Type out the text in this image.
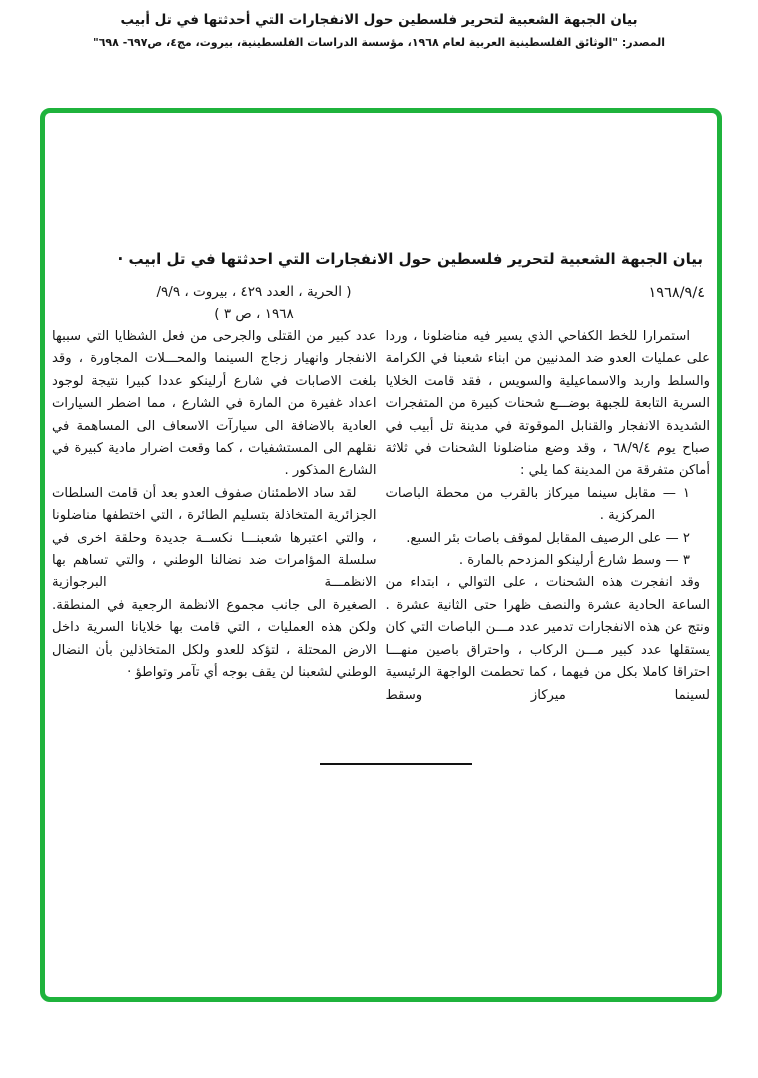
بيان الجبهة الشعبية لتحرير فلسطين حول الانفجارات التي أحدثتها في تل أبيب
المصدر: "الوثائق الفلسطينية العربية لعام ١٩٦٨، مؤسسة الدراسات الفلسطينية، بيروت، مج٤، ص٦٩٧- ٦٩٨"
بيان الجبهة الشعبية لتحرير فلسطين حول الانفجارات التي احدثتها في تل ابيب ·
١٩٦٨/٩/٤
( الحرية ، العدد ٤٢٩ ، بيروت ، ٩/٩/
١٩٦٨ ، ص ٣ )

استمرارا للخط الكفاحي الذي يسير فيه مناضلونا ، وردا على عمليات العدو ضد المدنيين من ابناء شعبنا في الكرامة والسلط واربد والاسماعيلية والسويس ، فقد قامت الخلايا السرية التابعة للجبهة بوضـــع شحنات كبيرة من المتفجرات الشديدة الانفجار والقنابل الموقوتة في مدينة تل أبيب في صباح يوم ٦٨/٩/٤ ، وقد وضع مناضلونا الشحنات في ثلاثة أماكن متفرقة من المدينة كما يلي :

١ — مقابل سينما ميركاز بالقرب من محطة الباصات المركزية .

٢ — على الرصيف المقابل لموقف باصات بئر السبع.

٣ — وسط شارع أرلينكو المزدحم بالمارة .

وقد انفجرت هذه الشحنات ، على التوالي ، ابتداء من الساعة الحادية عشرة والنصف ظهرا حتى الثانية عشرة . ونتج عن هذه الانفجارات تدمير عدد مـــن الباصات التي كان يستقلها عدد كبير مـــن الركاب ، واحتراق باصين منهـــا احتراقا كاملا بكل من فيهما ، كما تحطمت الواجهة الرئيسية لسينما ميركاز وسقط

عدد كبير من القتلى والجرحى من فعل الشظايا التي سببها الانفجار وانهيار زجاج السينما والمحـــلات المجاورة ، وقد بلغت الاصابات في شارع أرلينكو عددا كبيرا نتيجة لوجود اعداد غفيرة من المارة في الشارع ، مما اضطر السيارات العادية بالاضافة الى سيارآت الاسعاف الى المساهمة في نقلهم الى المستشفيات ، كما وقعت اضرار مادية كبيرة في الشارع المذكور .

لقد ساد الاطمئنان صفوف العدو بعد أن قامت السلطات الجزائرية المتخاذلة بتسليم الطائرة ، التي اختطفها مناضلونا ، والتي اعتبرها شعبنـــا نكســة جديدة وحلقة اخرى في سلسلة المؤامرات ضد نضالنا الوطني ، والتي تساهم بها الانظمـــة البرجوازية

الصغيرة الى جانب مجموع الانظمة الرجعية في المنطقة. ولكن هذه العمليات ، التي قامت بها خلايانا السرية داخل الارض المحتلة ، لتؤكد للعدو ولكل المتخاذلين بأن النضال الوطني لشعبنا لن يقف بوجه أي تآمر وتواطؤ ·
